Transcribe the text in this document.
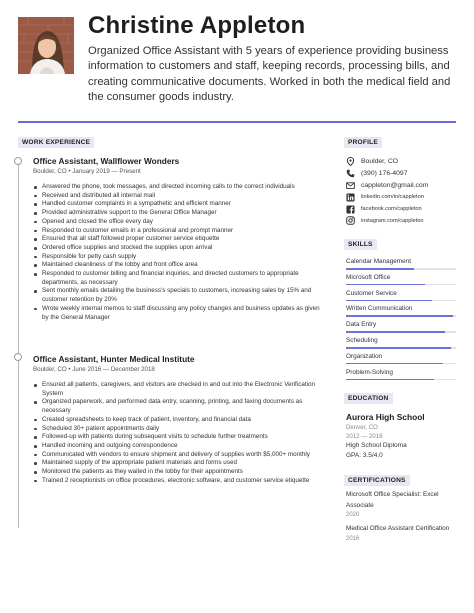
Christine Appleton
Organized Office Assistant with 5 years of experience providing business information to customers and staff, keeping records, processing bills, and creating communicative documents. Worked in both the medical field and the consumer goods industry.
WORK EXPERIENCE
Office Assistant, Wallflower Wonders
Boulder, CO • January 2019 — Present
Answered the phone, took messages, and directed incoming calls to the correct individuals
Received and distributed all internal mail
Handled customer complaints in a sympathetic and efficient manner
Provided administrative support to the General Office Manager
Opened and closed the office every day
Responded to customer emails in a professional and prompt manner
Ensured that all staff followed proper customer service etiquette
Ordered office supplies and stocked the supplies upon arrival
Responsible for petty cash supply
Maintained cleanliness of the lobby and front office area
Responded to customer billing and financial inquiries, and directed customers to appropriate departments, as necessary
Sent monthly emails detailing the business's specials to customers, increasing sales by 15% and customer retention by 20%
Wrote weekly internal memos to staff discussing any policy changes and business updates as given by the General Manager
Office Assistant, Hunter Medical Institute
Boulder, CO • June 2016 — December 2018
Ensured all patients, caregivers, and visitors are checked in and out into the Electronic Verification System
Organized paperwork, and performed data entry, scanning, printing, and faxing documents as necessary
Created spreadsheets to keep track of patient, inventory, and financial data
Scheduled 30+ patient appointments daily
Followed-up with patients during subsequent visits to schedule further treatments
Handled incoming and outgoing correspondence
Communicated with vendors to ensure shipment and delivery of supplies worth $5,000+ monthly
Maintained supply of the appropriate patient materials and forms used
Monitored the patients as they waited in the lobby for their appointments
Trained 2 receptionists on office procedures, electronic software, and customer service etiquette
PROFILE
Boulder, CO
(390) 176-4097
cappleton@gmail.com
linkedin.com/in/cappleton
facebook.com/cappleton
instagram.com/cappleton
SKILLS
Calendar Management
Microsoft Office
Customer Service
Written Communication
Data Entry
Scheduling
Organization
Problem-Solving
EDUCATION
Aurora High School
Denver, CO
2012 — 2016
High School Diploma
GPA: 3.5/4.0
CERTIFICATIONS
Microsoft Office Specialist: Excel Associate
2020
Medical Office Assistant Certification
2016
